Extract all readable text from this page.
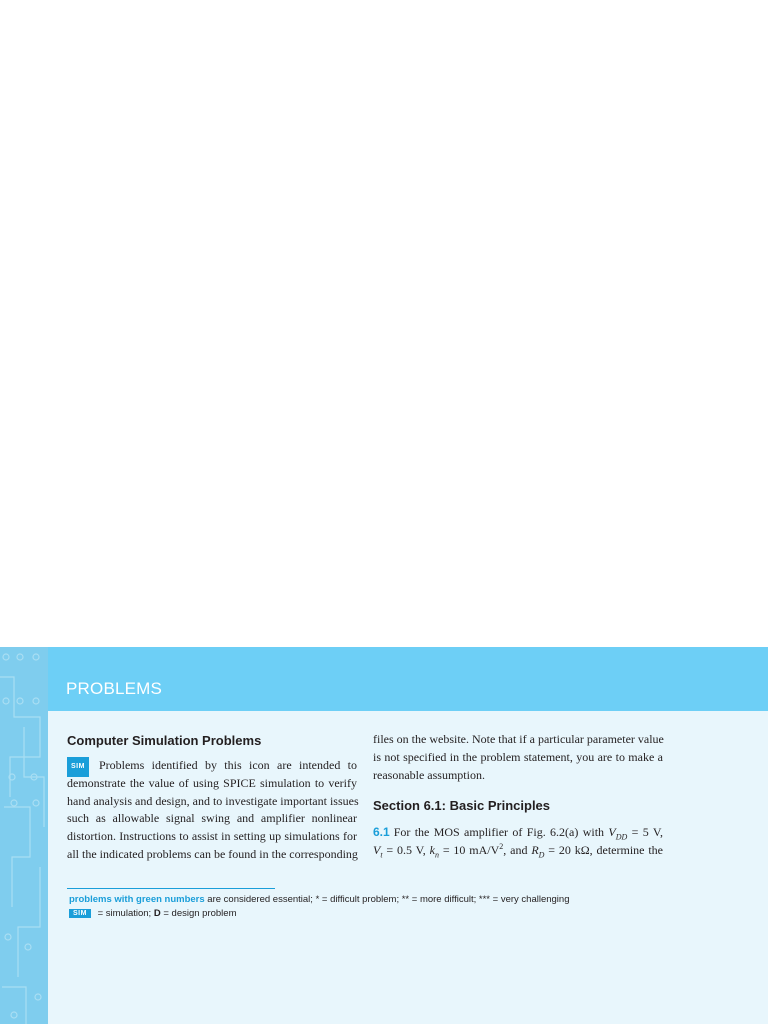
PROBLEMS
Computer Simulation Problems
SIM Problems identified by this icon are intended to
demonstrate the value of using SPICE simulation to verify
hand analysis and design, and to investigate important issues
such as allowable signal swing and amplifier nonlinear
distortion. Instructions to assist in setting up simulations for
all the indicated problems can be found in the corresponding
files on the website. Note that if a particular parameter value
is not specified in the problem statement, you are to make a
reasonable assumption.
Section 6.1: Basic Principles
6.1 For the MOS amplifier of Fig. 6.2(a) with $V_{DD} = 5$ V,
$V_t = 0.5$ V, $k_n = 10$ $mA/V^2$, and $R_D = 20$ kΩ, determine the
problems with green numbers are considered essential; * = difficult problem; ** = more difficult; *** = very challenging
SIM = simulation; D = design problem
